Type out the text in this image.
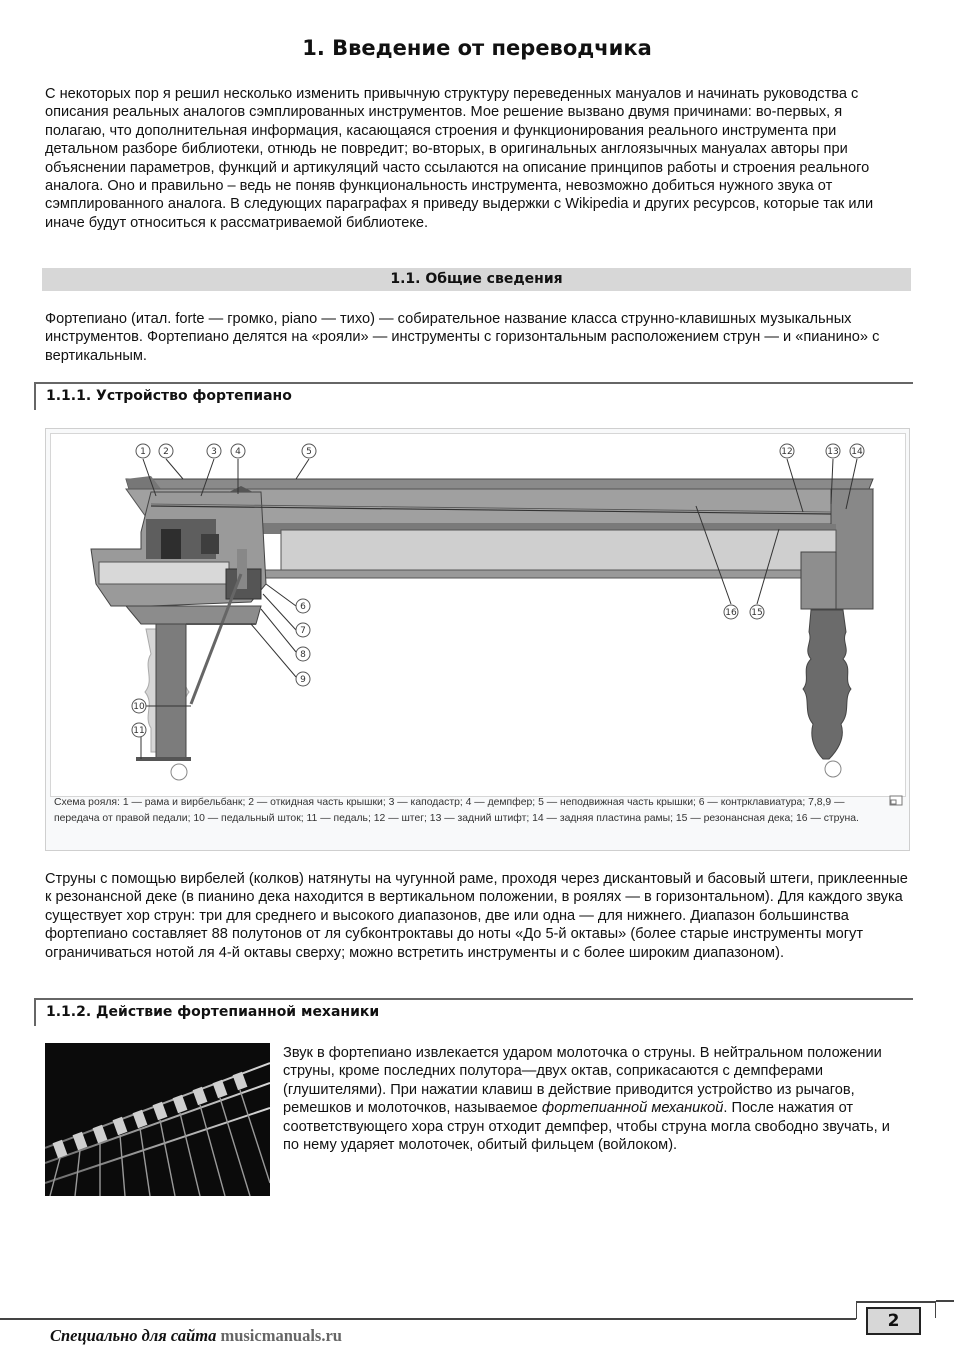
1. Введение от переводчика

С некоторых пор я решил несколько изменить привычную структуру переведенных мануалов и начинать руководства с описания реальных аналогов сэмплированных инструментов. Мое решение вызвано двумя причинами: во-первых, я полагаю, что дополнительная информация, касающаяся строения и функционирования реального инструмента при детальном разборе библиотеки, отнюдь не повредит; во-вторых, в оригинальных англоязычных мануалах авторы при объяснении параметров, функций и артикуляций часто ссылаются на описание принципов работы и строения реального аналога. Оно и правильно – ведь не поняв функциональность инструмента, невозможно добиться нужного звука от сэмплированного аналога. В следующих параграфах я приведу выдержки с Wikipedia и других ресурсов, которые так или иначе будут относиться к рассматриваемой библиотеке.

1.1. Общие сведения

Фортепиано (итал. forte — громко, piano — тихо) — собирательное название класса струнно-клавишных музыкальных инструментов. Фортепиано делятся на «рояли» — инструменты с горизонтальным расположением струн — и «пианино» с вертикальным.

1.1.1. Устройство фортепиано
1 2	3 4	5
6
7
8
9
10
11
12	13 14
15
16
Схема рояля: 1 — рама и вирбельбанк; 2 — откидная часть крышки; 3 — каподастр; 4 — демпфер; 5 — неподвижная часть крышки; 6 — контрклавиатура; 7,8,9 — передача от правой педали; 10 — педальный шток; 11 — педаль; 12 — штег; 13 — задний штифт; 14 — задняя пластина рамы; 15 — резонансная дека; 16 — струна.

Струны с помощью вирбелей (колков) натянуты на чугунной раме, проходя через дискантовый и басовый штеги, приклеенные к резонансной деке (в пианино дека находится в вертикальном положении, в роялях — в горизонтальном). Для каждого звука существует хор струн: три для среднего и высокого диапазонов, две или одна — для нижнего. Диапазон большинства фортепиано составляет 88 полутонов от ля субконтроктавы до ноты «До 5-й октавы» (более старые инструменты могут ограничиваться нотой ля 4-й октавы сверху; можно встретить инструменты и с более широким диапазоном).

1.1.2. Действие фортепианной механики

Звук в фортепиано извлекается ударом молоточка о струны. В нейтральном положении струны, кроме последних полутора—двух октав, соприкасаются с демпферами (глушителями). При нажатии клавиш в действие приводится устройство из рычагов, ремешков и молоточков, называемое фортепианной механикой. После нажатия от соответствующего хора струн отходит демпфер, чтобы струна могла свободно звучать, и по нему ударяет молоточек, обитый фильцем (войлоком).

2
Специально для сайта musicmanuals.ru
